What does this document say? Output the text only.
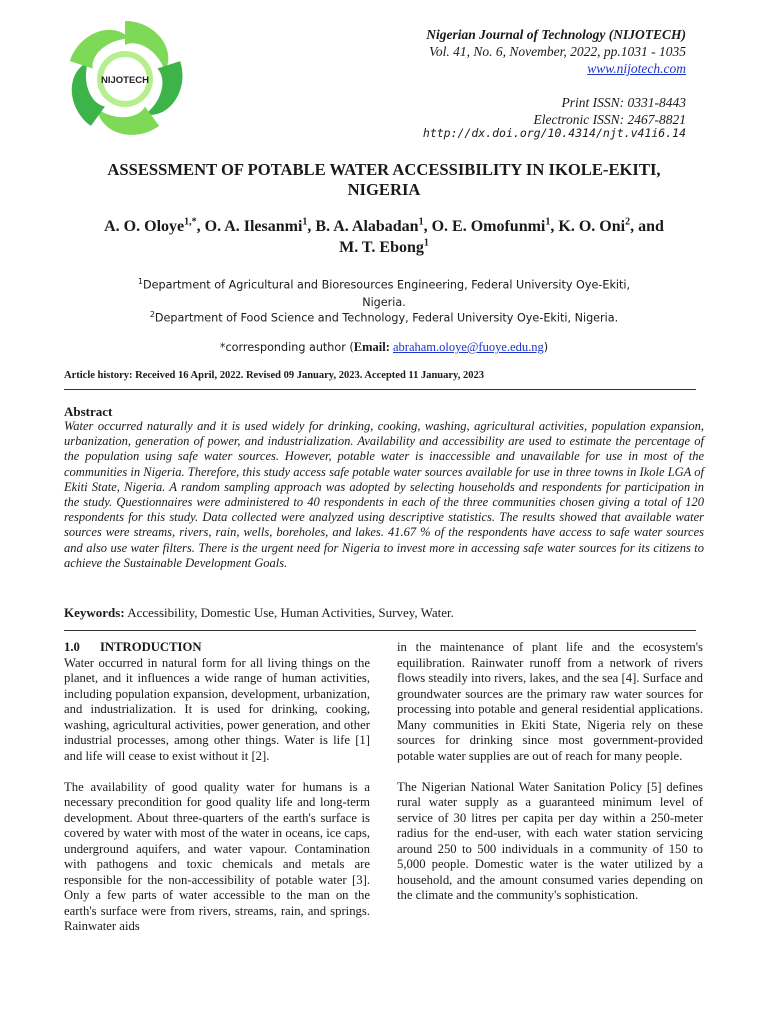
NIJOTECH
Nigerian Journal of Technology (NIJOTECH)
Vol. 41, No. 6, November, 2022, pp.1031 - 1035
www.nijotech.com
Print ISSN: 0331-8443
Electronic ISSN: 2467-8821
http://dx.doi.org/10.4314/njt.v41i6.14
ASSESSMENT OF POTABLE WATER ACCESSIBILITY IN IKOLE-EKITI,
NIGERIA
A. O. Oloye$^{1,*}$, O. A. Ilesanmi$^1$, B. A. Alabadan$^1$, O. E. Omofunmi$^1$, K. O. Oni$^2$, and
M. T. Ebong$^1$
$^1$Department of Agricultural and Bioresources Engineering, Federal University Oye-Ekiti,
Nigeria.
$^2$Department of Food Science and Technology, Federal University Oye-Ekiti, Nigeria.
*corresponding author (Email: abraham.oloye@fuoye.edu.ng)
Article history: Received 16 April, 2022. Revised 09 January, 2023. Accepted 11 January, 2023
Abstract
Water occurred naturally and it is used widely for drinking, cooking, washing, agricultural activities, population expansion, urbanization, generation of power, and industrialization. Availability and accessibility are used to estimate the percentage of the population using safe water sources. However, potable water is inaccessible and unavailable for use in most of the communities in Nigeria. Therefore, this study access safe potable water sources available for use in three towns in Ikole LGA of Ekiti State, Nigeria. A random sampling approach was adopted by selecting households and respondents for participation in the study. Questionnaires were administered to 40 respondents in each of the three communities chosen giving a total of 120 respondents for this study. Data collected were analyzed using descriptive statistics. The results showed that available water sources were streams, rivers, rain, wells, boreholes, and lakes. 41.67 % of the respondents have access to safe water sources and also use water filters. There is the urgent need for Nigeria to invest more in accessing safe water sources for its citizens to achieve the Sustainable Development Goals.
Keywords: Accessibility, Domestic Use, Human Activities, Survey, Water.
1.0 INTRODUCTION

Water occurred in natural form for all living things on the planet, and it influences a wide range of human activities, including population expansion, development, urbanization, and industrialization. It is used for drinking, cooking, washing, agricultural activities, power generation, and other industrial processes, among other things. Water is life [1] and life will cease to exist without it [2].

The availability of good quality water for humans is a necessary precondition for good quality life and long-term development. About three-quarters of the earth's surface is covered by water with most of the water in oceans, ice caps, underground aquifers, and water vapour. Contamination with pathogens and toxic chemicals and metals are responsible for the non-accessibility of potable water [3]. Only a few parts of water accessible to the man on the earth's surface were from rivers, streams, rain, and springs. Rainwater aids

in the maintenance of plant life and the ecosystem's equilibration. Rainwater runoff from a network of rivers flows steadily into rivers, lakes, and the sea [4]. Surface and groundwater sources are the primary raw water sources for processing into potable and general residential applications. Many communities in Ekiti State, Nigeria rely on these sources for drinking since most government-provided potable water supplies are out of reach for many people.

The Nigerian National Water Sanitation Policy [5] defines rural water supply as a guaranteed minimum level of service of 30 litres per capita per day within a 250-meter radius for the end-user, with each water station servicing around 250 to 500 individuals in a community of 150 to 5,000 people. Domestic water is the water utilized by a household, and the amount consumed varies depending on the climate and the community's sophistication.
